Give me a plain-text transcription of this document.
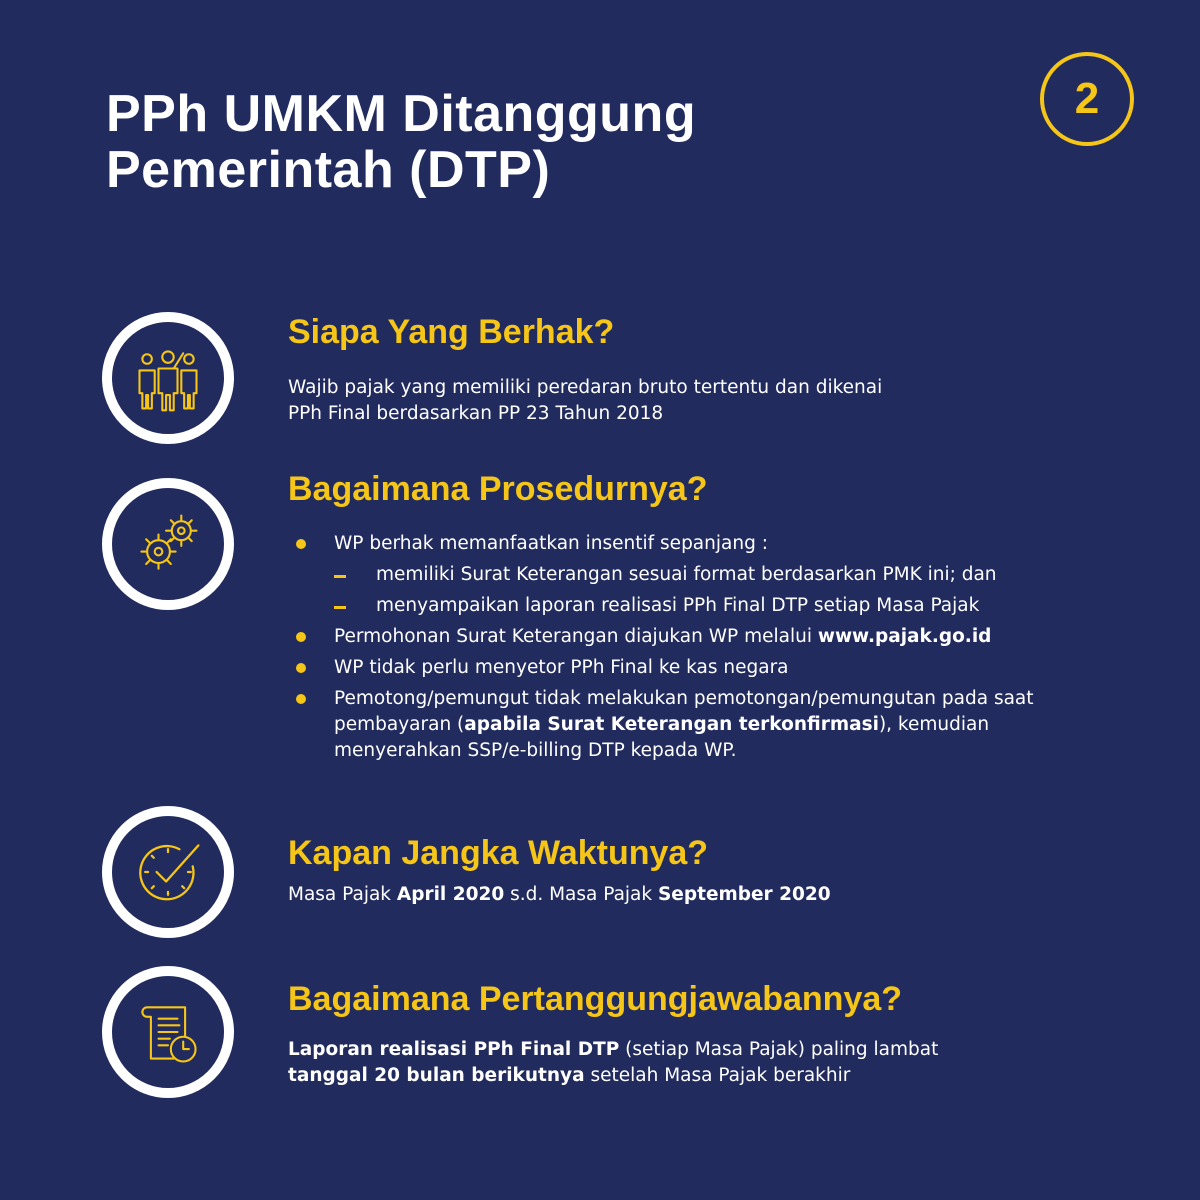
PPh UMKM Ditanggung
Pemerintah (DTP)
2
Siapa Yang Berhak?

Wajib pajak yang memiliki peredaran bruto tertentu dan dikenai
PPh Final berdasarkan PP 23 Tahun 2018

Bagaimana Prosedurnya?
WP berhak memanfaatkan insentif sepanjang :
memiliki Surat Keterangan sesuai format berdasarkan PMK ini; dan
menyampaikan laporan realisasi PPh Final DTP setiap Masa Pajak
Permohonan Surat Keterangan diajukan WP melalui www.pajak.go.id
WP tidak perlu menyetor PPh Final ke kas negara
Pemotong/pemungut tidak melakukan pemotongan/pemungutan pada saat pembayaran (apabila Surat Keterangan terkonfirmasi), kemudian menyerahkan SSP/e-billing DTP kepada WP.
Kapan Jangka Waktunya?

Masa Pajak April 2020 s.d. Masa Pajak September 2020

Bagaimana Pertanggungjawabannya?

Laporan realisasi PPh Final DTP (setiap Masa Pajak) paling lambat
tanggal 20 bulan berikutnya setelah Masa Pajak berakhir
